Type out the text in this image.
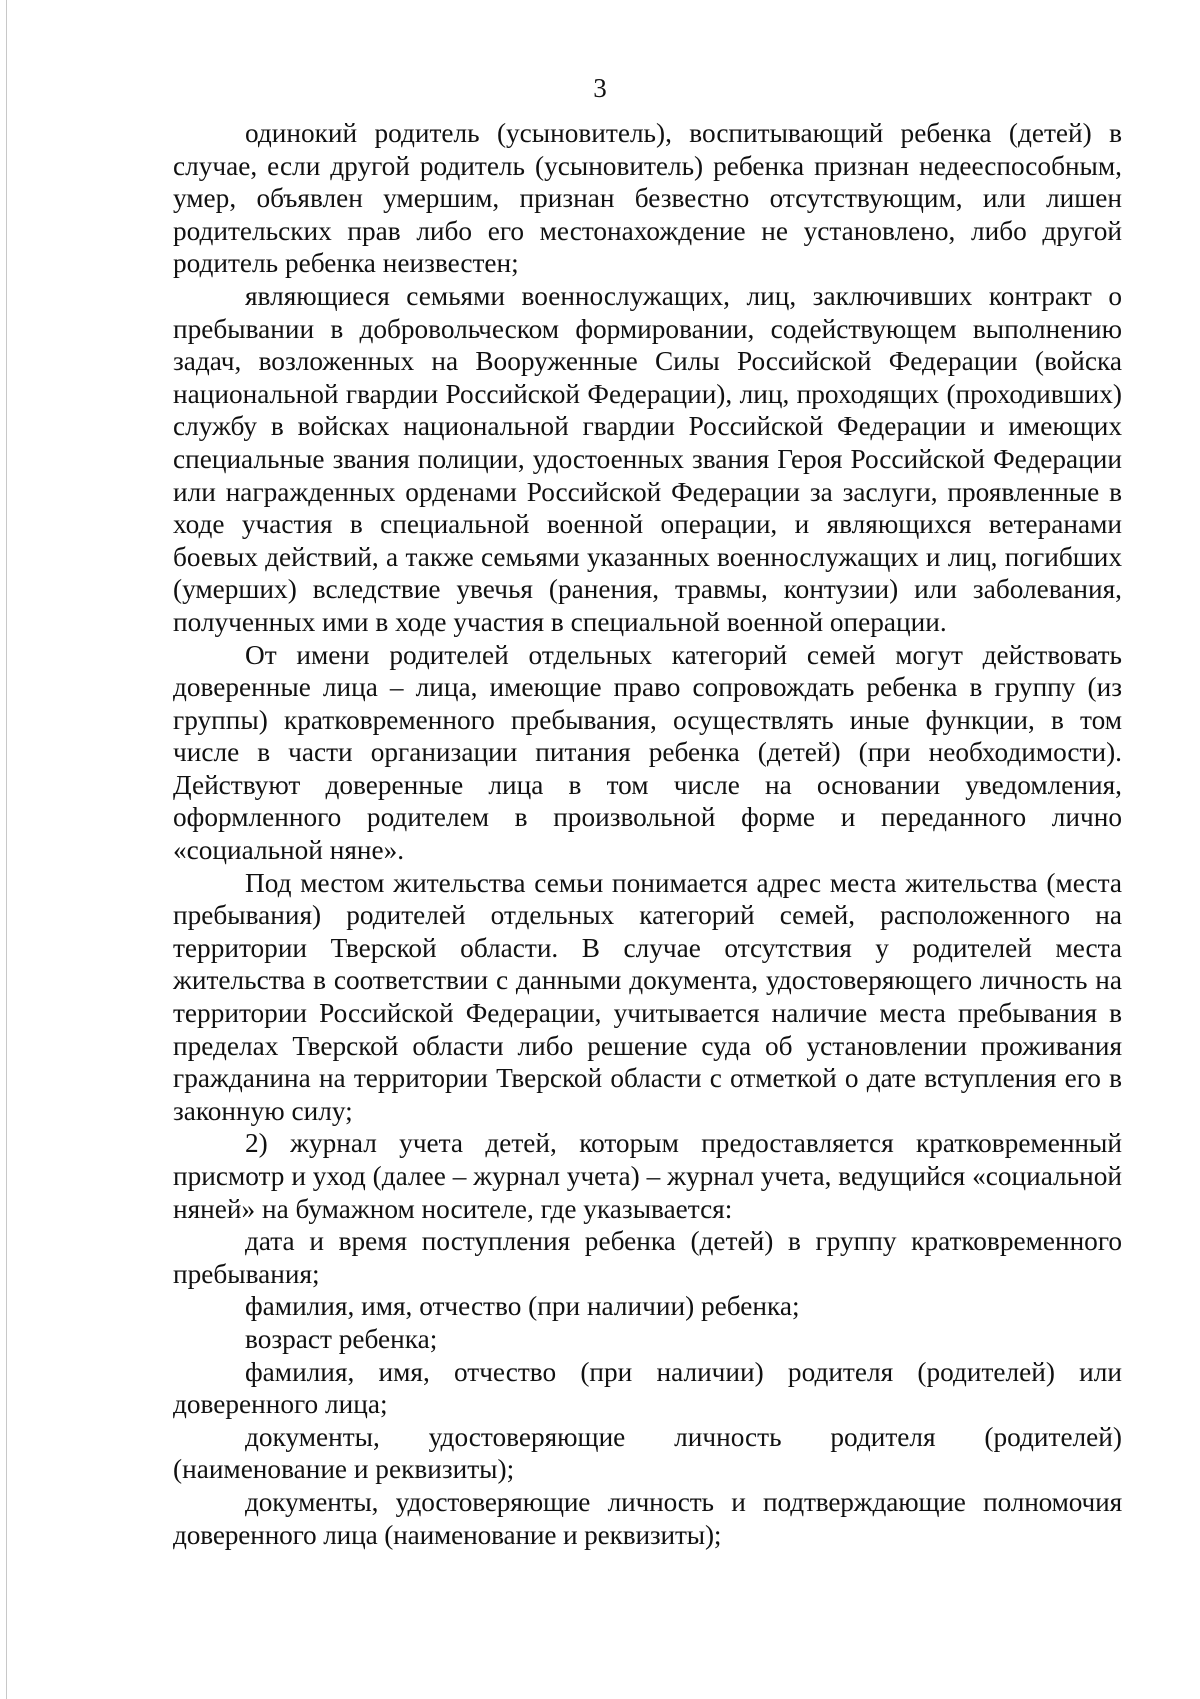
3

одинокий родитель (усыновитель), воспитывающий ребенка (детей) в случае, если другой родитель (усыновитель) ребенка признан недееспособным, умер, объявлен умершим, признан безвестно отсутствующим, или лишен родительских прав либо его местонахождение не установлено, либо другой родитель ребенка неизвестен;

являющиеся семьями военнослужащих, лиц, заключивших контракт о пребывании в добровольческом формировании, содействующем выполнению задач, возложенных на Вооруженные Силы Российской Федерации (войска национальной гвардии Российской Федерации), лиц, проходящих (проходивших) службу в войсках национальной гвардии Российской Федерации и имеющих специальные звания полиции, удостоенных звания Героя Российской Федерации или награжденных орденами Российской Федерации за заслуги, проявленные в ходе участия в специальной военной операции, и являющихся ветеранами боевых действий, а также семьями указанных военнослужащих и лиц, погибших (умерших) вследствие увечья (ранения, травмы, контузии) или заболевания, полученных ими в ходе участия в специальной военной операции.

От имени родителей отдельных категорий семей могут действовать доверенные лица – лица, имеющие право сопровождать ребенка в группу (из группы) кратковременного пребывания, осуществлять иные функции, в том числе в части организации питания ребенка (детей) (при необходимости). Действуют доверенные лица в том числе на основании уведомления, оформленного родителем в произвольной форме и переданного лично «социальной няне».

Под местом жительства семьи понимается адрес места жительства (места пребывания) родителей отдельных категорий семей, расположенного на территории Тверской области. В случае отсутствия у родителей места жительства в соответствии с данными документа, удостоверяющего личность на территории Российской Федерации, учитывается наличие места пребывания в пределах Тверской области либо решение суда об установлении проживания гражданина на территории Тверской области с отметкой о дате вступления его в законную силу;

2) журнал учета детей, которым предоставляется кратковременный присмотр и уход (далее – журнал учета) – журнал учета, ведущийся «социальной няней» на бумажном носителе, где указывается:

дата и время поступления ребенка (детей) в группу кратковременного пребывания;

фамилия, имя, отчество (при наличии) ребенка;

возраст ребенка;

фамилия, имя, отчество (при наличии) родителя (родителей) или доверенного лица;

документы, удостоверяющие личность родителя (родителей) (наименование и реквизиты);

документы, удостоверяющие личность и подтверждающие полномочия доверенного лица (наименование и реквизиты);
